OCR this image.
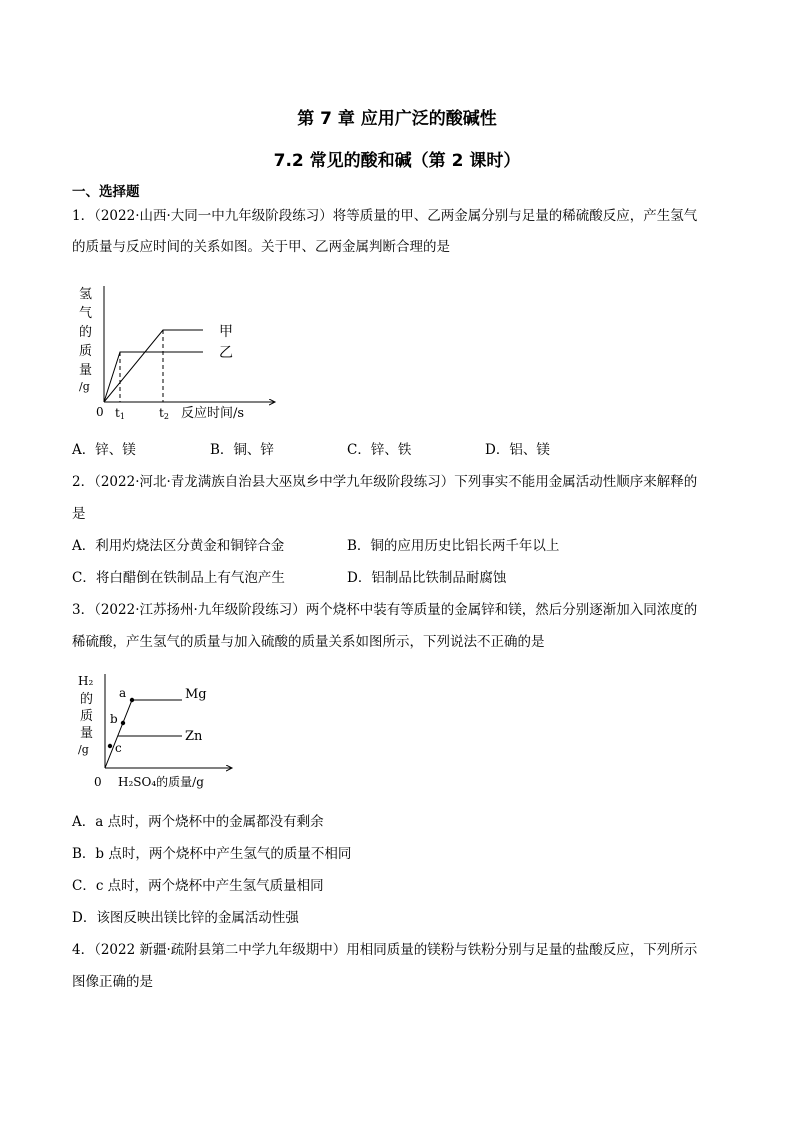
第 7 章 应用广泛的酸碱性
7.2 常见的酸和碱（第 2 课时）
一、选择题
1．（2022·山西·大同一中九年级阶段练习）将等质量的甲、乙两金属分别与足量的稀硫酸反应，产生氢气
的质量与反应时间的关系如图。关于甲、乙两金属判断合理的是
氢
气
的
质
量
/g
甲
乙
0 t1	t2 反应时间/s
A．锌、镁	B．铜、锌	C．锌、铁	D．铝、镁
2．（2022·河北·青龙满族自治县大巫岚乡中学九年级阶段练习）下列事实不能用金属活动性顺序来解释的
是
A．利用灼烧法区分黄金和铜锌合金	B．铜的应用历史比铝长两千年以上
C．将白醋倒在铁制品上有气泡产生	D．铝制品比铁制品耐腐蚀
3．（2022·江苏扬州·九年级阶段练习）两个烧杯中装有等质量的金属锌和镁，然后分别逐渐加入同浓度的
稀硫酸，产生氢气的质量与加入硫酸的质量关系如图所示，下列说法不正确的是
H₂
的
质
量
/g
a
b
c
Mg
Zn
0 H₂SO₄的质量/g
A．a 点时，两个烧杯中的金属都没有剩余
B．b 点时，两个烧杯中产生氢气的质量不相同
C．c 点时，两个烧杯中产生氢气质量相同
D．该图反映出镁比锌的金属活动性强
4．（2022 新疆·疏附县第二中学九年级期中）用相同质量的镁粉与铁粉分别与足量的盐酸反应，下列所示
图像正确的是
